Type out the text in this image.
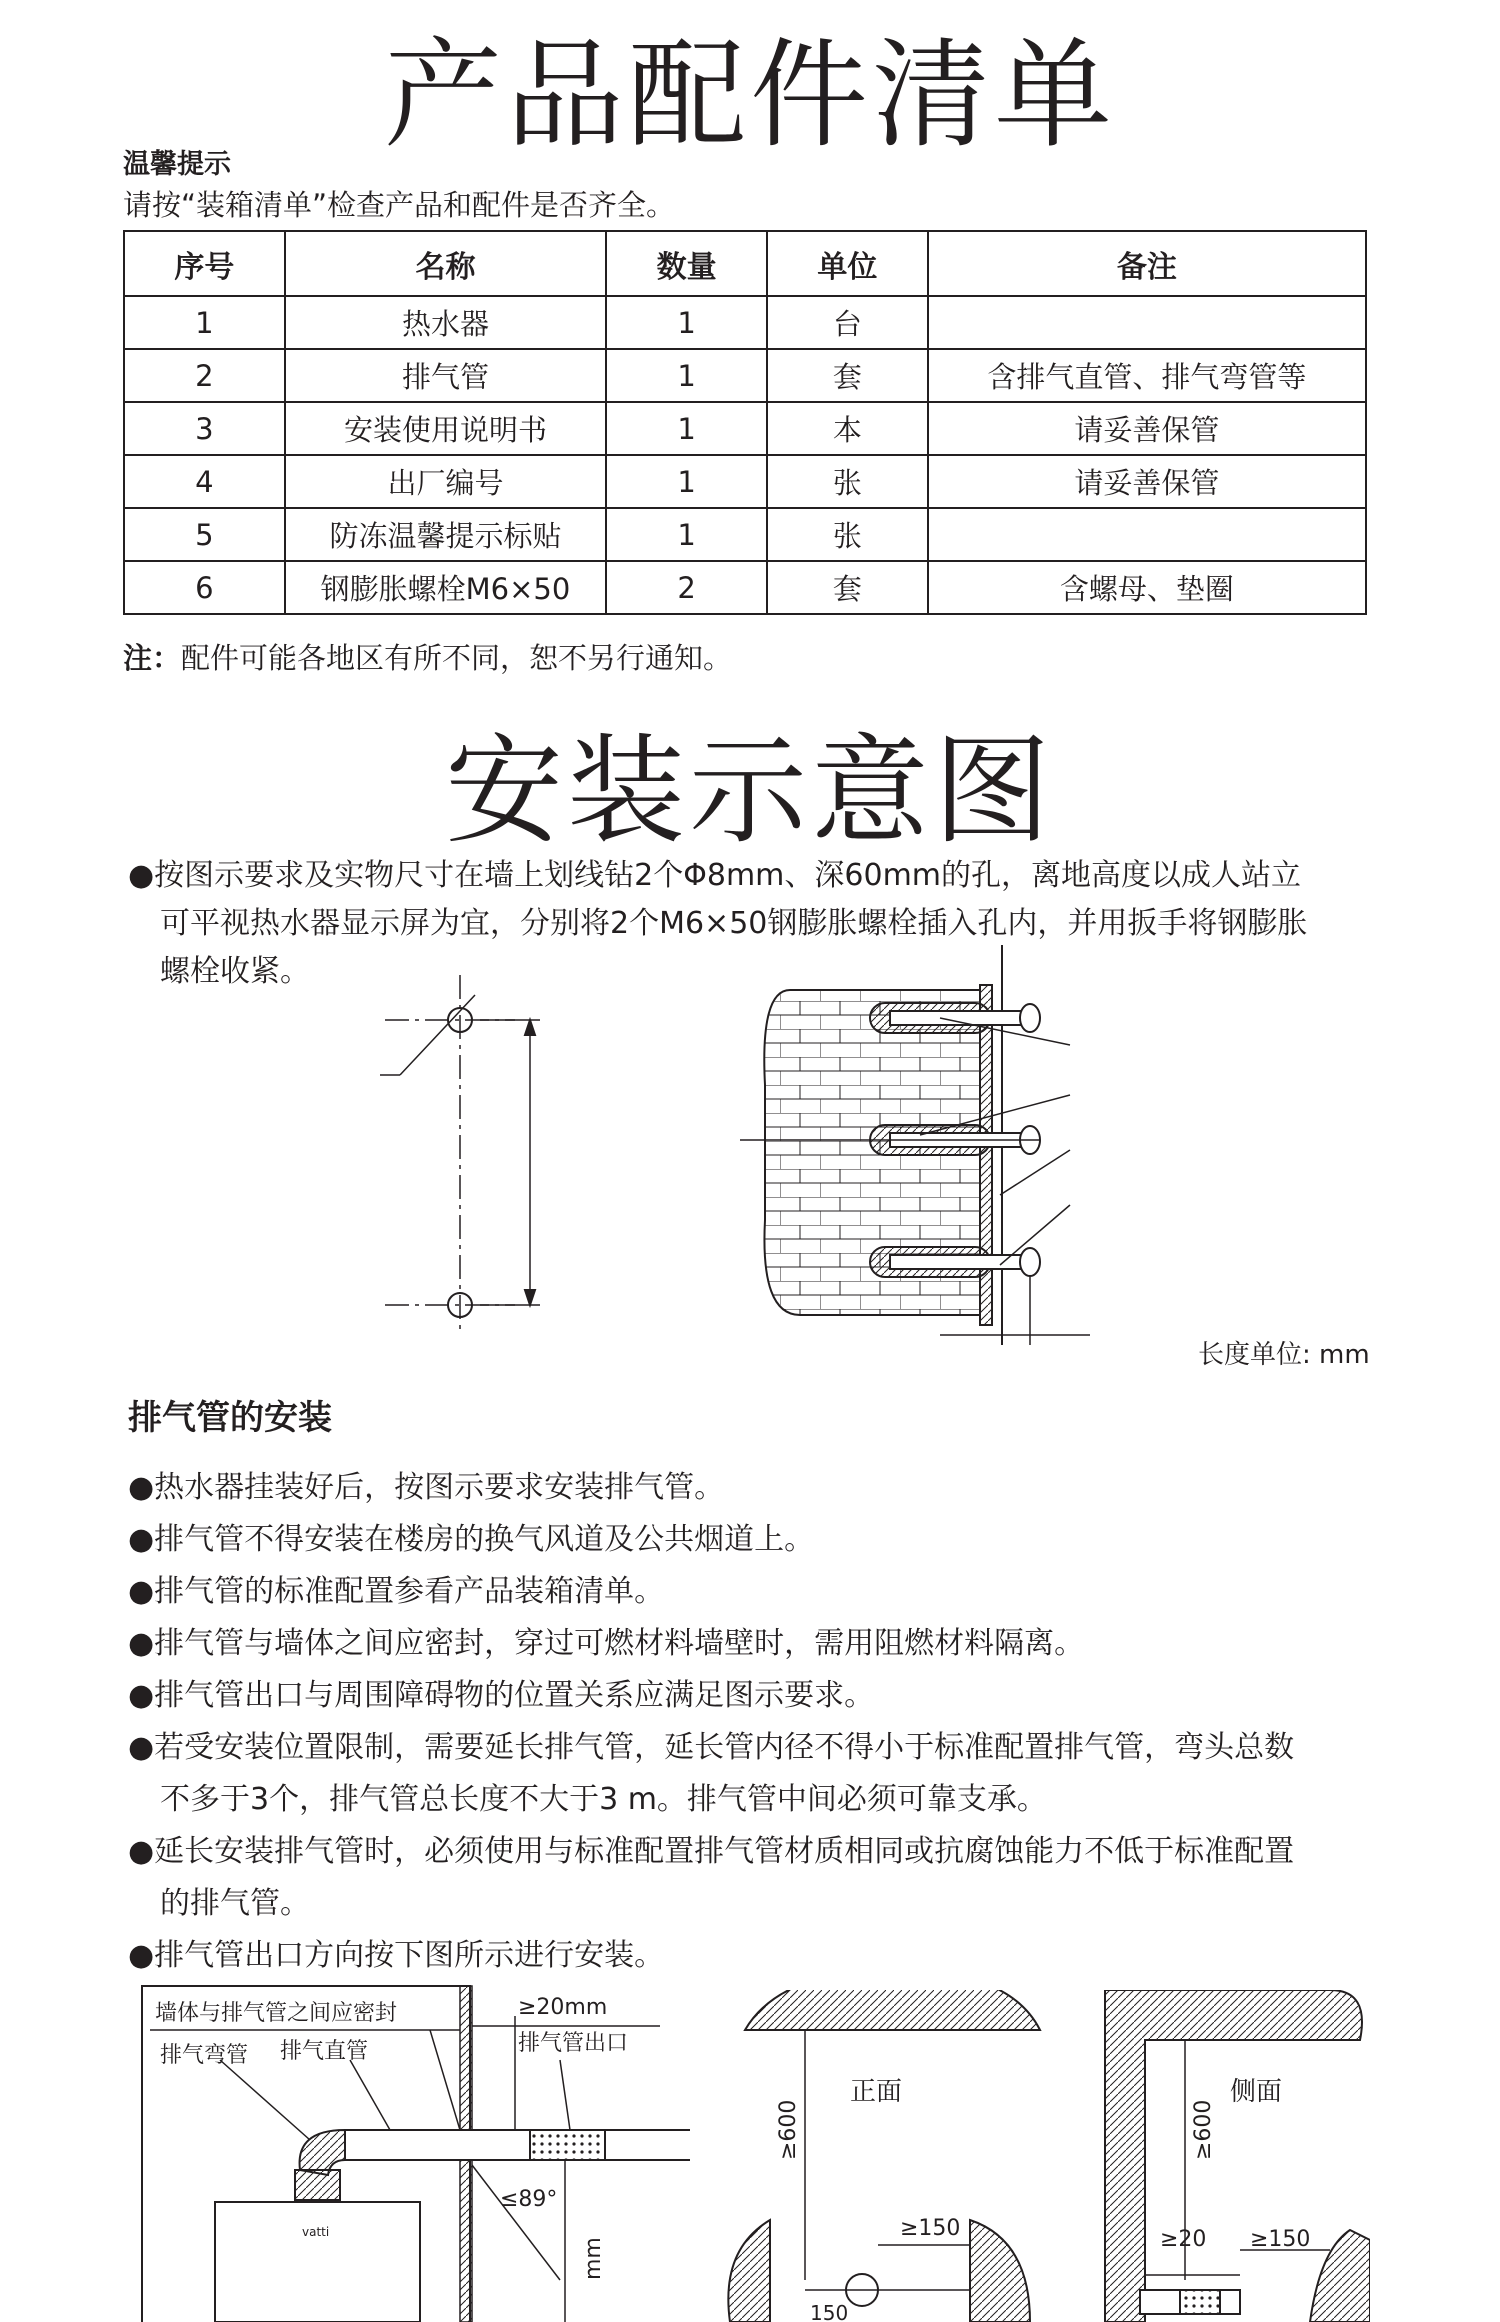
产品配件清单
温馨提示
请按“装箱清单”检查产品和配件是否齐全。
序号	名称	数量	单位	备注
1	热水器	1	台	
2	排气管	1	套	含排气直管、排气弯管等
3	安装使用说明书	1	本	请妥善保管
4	出厂编号	1	张	请妥善保管
5	防冻温馨提示标贴	1	张	
6	钢膨胀螺栓M6×50	2	套	含螺母、垫圈
注：配件可能各地区有所不同，恕不另行通知。
安装示意图
●按图示要求及实物尺寸在墙上划线钻2个Φ8mm、深60mm的孔，离地高度以成人站立
可平视热水器显示屏为宜，分别将2个M6×50钢膨胀螺栓插入孔内，并用扳手将钢膨胀
螺栓收紧。
长度单位: mm
排气管的安装
●热水器挂装好后，按图示要求安装排气管。
●排气管不得安装在楼房的换气风道及公共烟道上。
●排气管的标准配置参看产品装箱清单。
●排气管与墙体之间应密封，穿过可燃材料墙壁时，需用阻燃材料隔离。
●排气管出口与周围障碍物的位置关系应满足图示要求。
●若受安装位置限制，需要延长排气管，延长管内径不得小于标准配置排气管，弯头总数
不多于3个，排气管总长度不大于3 m。排气管中间必须可靠支承。
●延长安装排气管时，必须使用与标准配置排气管材质相同或抗腐蚀能力不低于标准配置
的排气管。
●排气管出口方向按下图所示进行安装。
vatti
墙体与排气管之间应密封
排气弯管 排气直管	排气管出口
≥20mm
≤89°
mm
≥600
正面
≥150
150
≥600
侧面
≥20 ≥150
